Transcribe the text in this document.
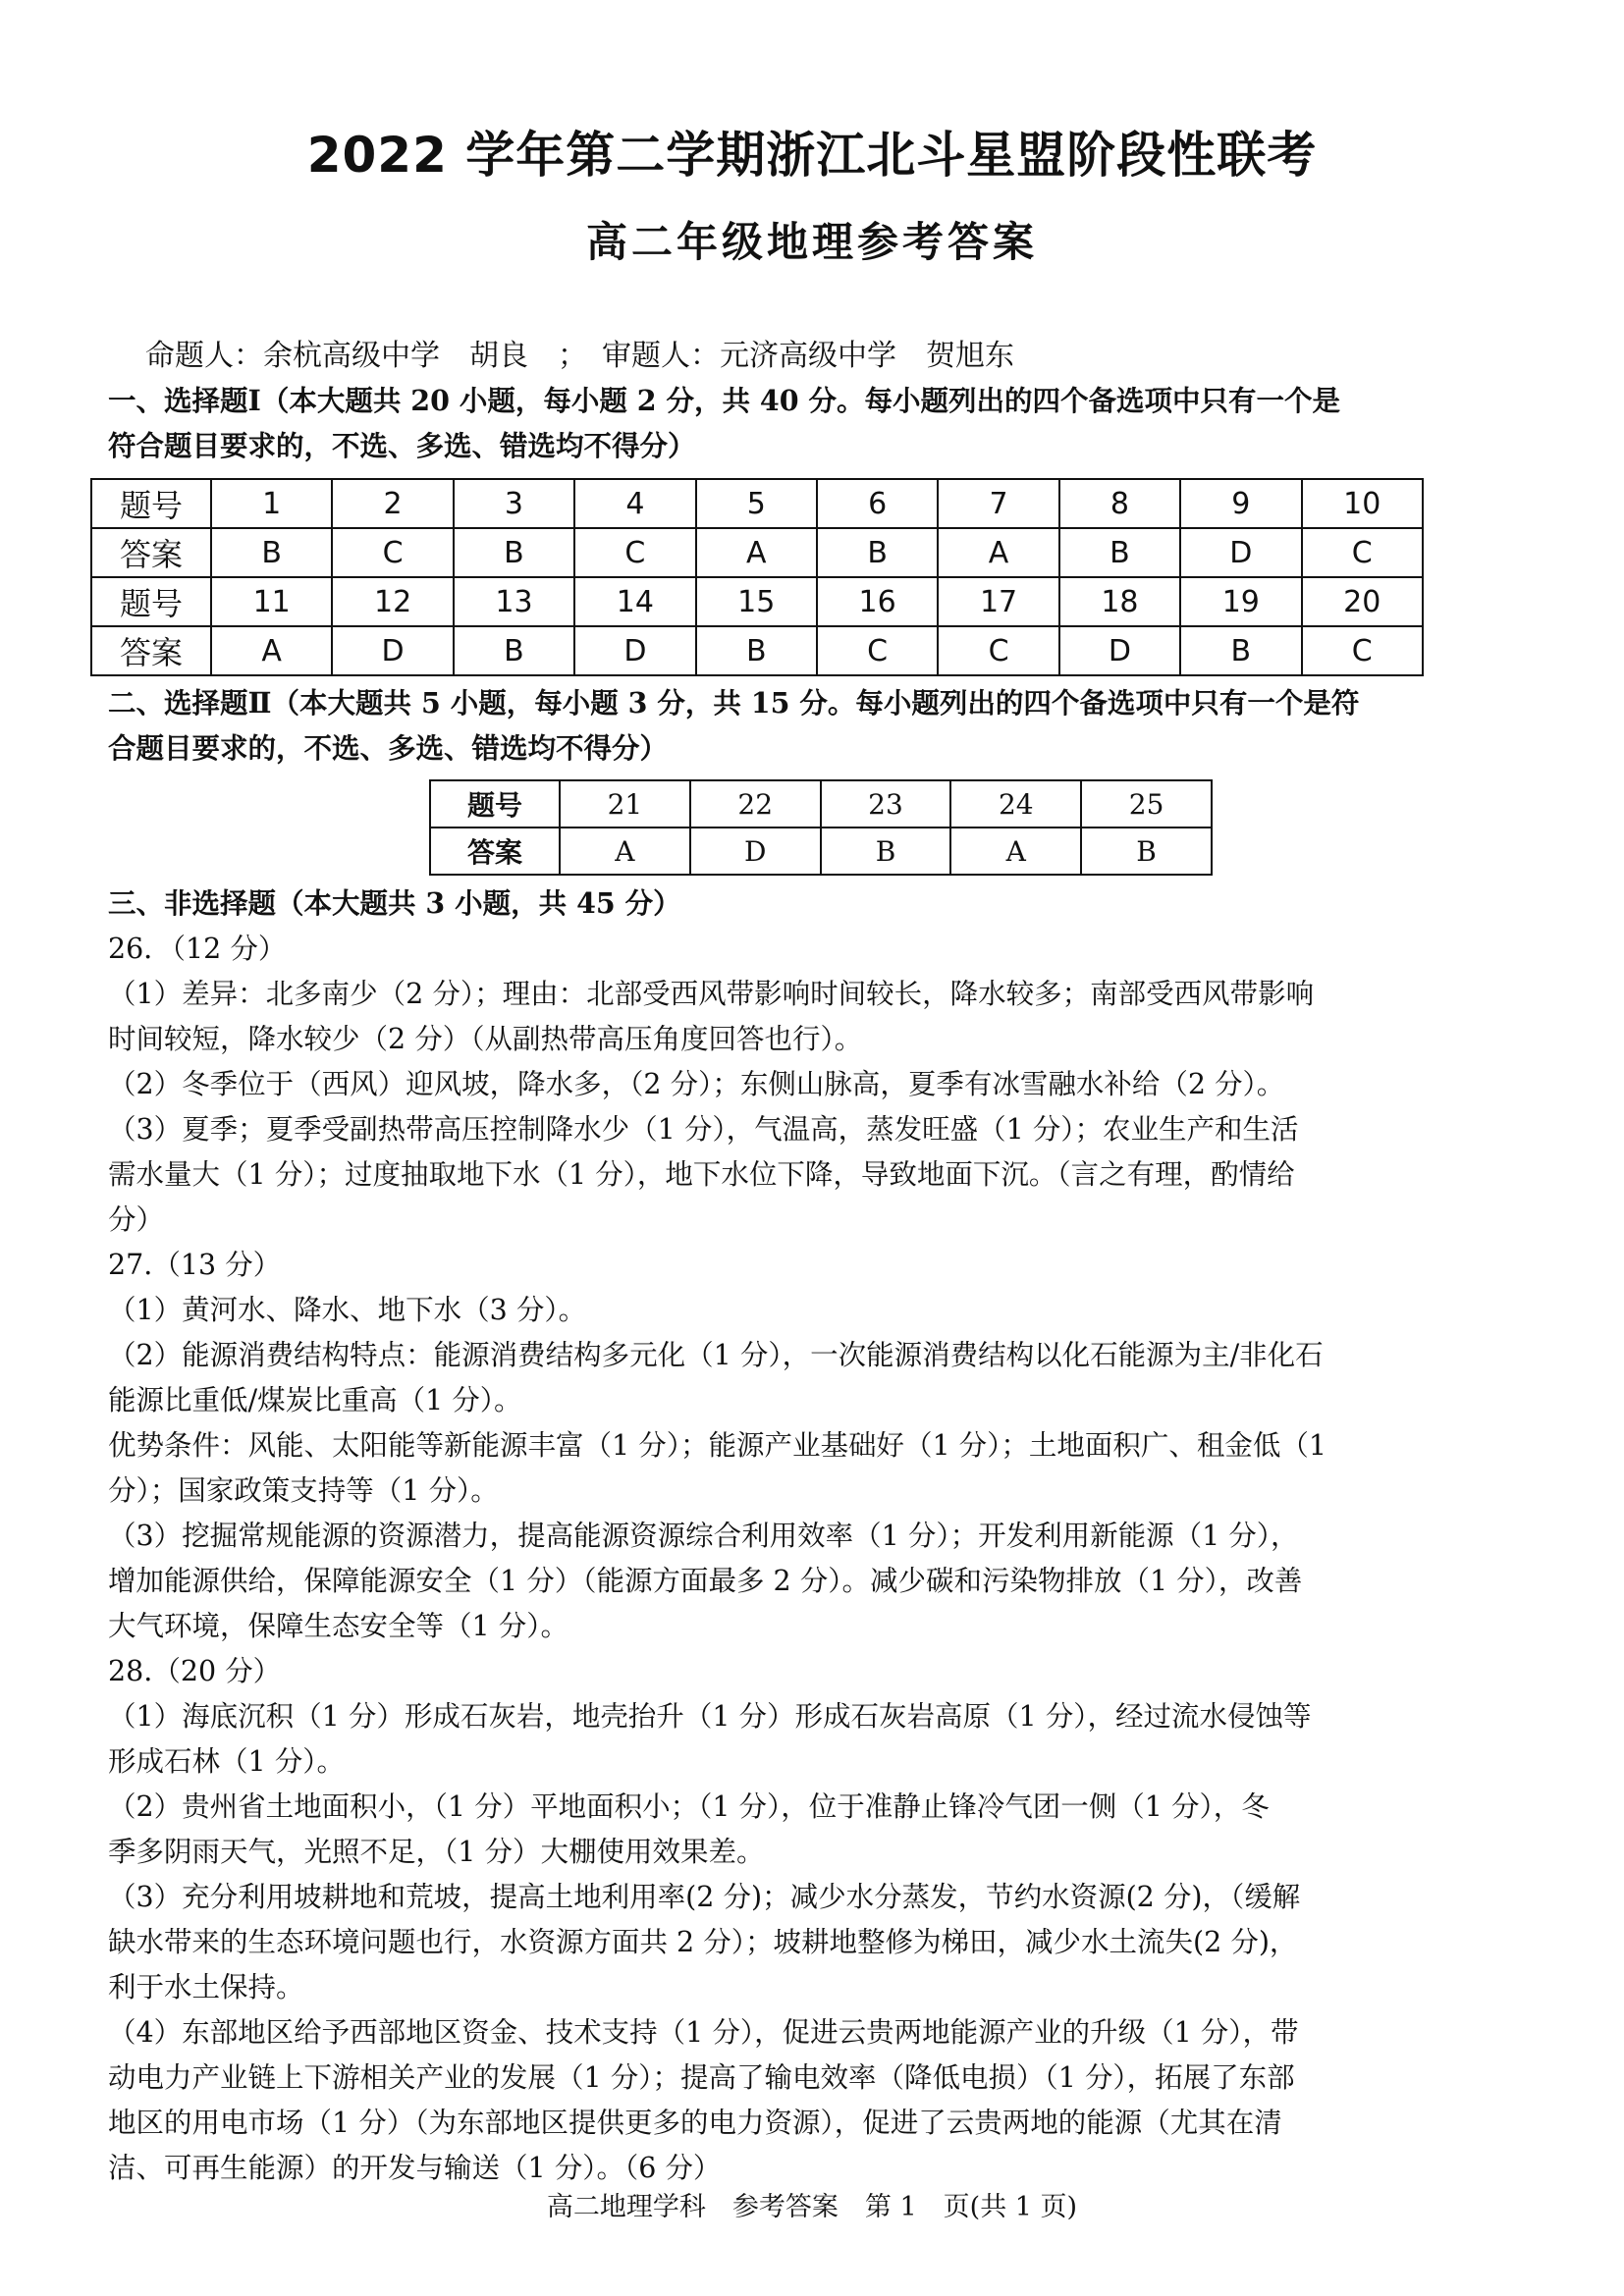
2022 学年第二学期浙江北斗星盟阶段性联考
高二年级地理参考答案
命题人：余杭高级中学　胡良　；　审题人：元济高级中学　贺旭东
一、选择题Ⅰ（本大题共 20 小题，每小题 2 分，共 40 分。每小题列出的四个备选项中只有一个是
符合题目要求的，不选、多选、错选均不得分）
题号	1	2	3	4	5	6	7	8	9	10
答案	B	C	B	C	A	B	A	B	D	C
题号	11	12	13	14	15	16	17	18	19	20
答案	A	D	B	D	B	C	C	D	B	C
二、选择题Ⅱ（本大题共 5 小题，每小题 3 分，共 15 分。每小题列出的四个备选项中只有一个是符
合题目要求的，不选、多选、错选均不得分）
题号	21	22	23	24	25
答案	A	D	B	A	B
三、非选择题（本大题共 3 小题，共 45 分）
26．（12 分）
（1）差异：北多南少（2 分）；理由：北部受西风带影响时间较长，降水较多；南部受西风带影响
时间较短，降水较少（2 分）（从副热带高压角度回答也行）。
（2）冬季位于（西风）迎风坡，降水多，（2 分）；东侧山脉高，夏季有冰雪融水补给（2 分）。
（3）夏季；夏季受副热带高压控制降水少（1 分），气温高，蒸发旺盛（1 分）；农业生产和生活
需水量大（1 分）；过度抽取地下水（1 分），地下水位下降，导致地面下沉。（言之有理，酌情给
分）
27.（13 分）
（1）黄河水、降水、地下水（3 分）。
（2）能源消费结构特点：能源消费结构多元化（1 分），一次能源消费结构以化石能源为主/非化石
能源比重低/煤炭比重高（1 分）。
优势条件：风能、太阳能等新能源丰富（1 分）；能源产业基础好（1 分）；土地面积广、租金低（1
分）；国家政策支持等（1 分）。
（3）挖掘常规能源的资源潜力，提高能源资源综合利用效率（1 分）；开发利用新能源（1 分），
增加能源供给，保障能源安全（1 分）（能源方面最多 2 分）。减少碳和污染物排放（1 分），改善
大气环境，保障生态安全等（1 分）。
28.（20 分）
（1）海底沉积（1 分）形成石灰岩，地壳抬升（1 分）形成石灰岩高原（1 分），经过流水侵蚀等
形成石林（1 分）。
（2）贵州省土地面积小，（1 分）平地面积小；（1 分），位于准静止锋冷气团一侧（1 分），冬
季多阴雨天气，光照不足，（1 分）大棚使用效果差。
（3）充分利用坡耕地和荒坡，提高土地利用率(2 分)；减少水分蒸发，节约水资源(2 分)，（缓解
缺水带来的生态环境问题也行，水资源方面共 2 分）；坡耕地整修为梯田，减少水土流失(2 分)，
利于水土保持。
（4）东部地区给予西部地区资金、技术支持（1 分），促进云贵两地能源产业的升级（1 分），带
动电力产业链上下游相关产业的发展（1 分）；提高了输电效率（降低电损）（1 分），拓展了东部
地区的用电市场（1 分）（为东部地区提供更多的电力资源），促进了云贵两地的能源（尤其在清
洁、可再生能源）的开发与输送（1 分）。（6 分）
高二地理学科　参考答案　第 1　页(共 1 页)
